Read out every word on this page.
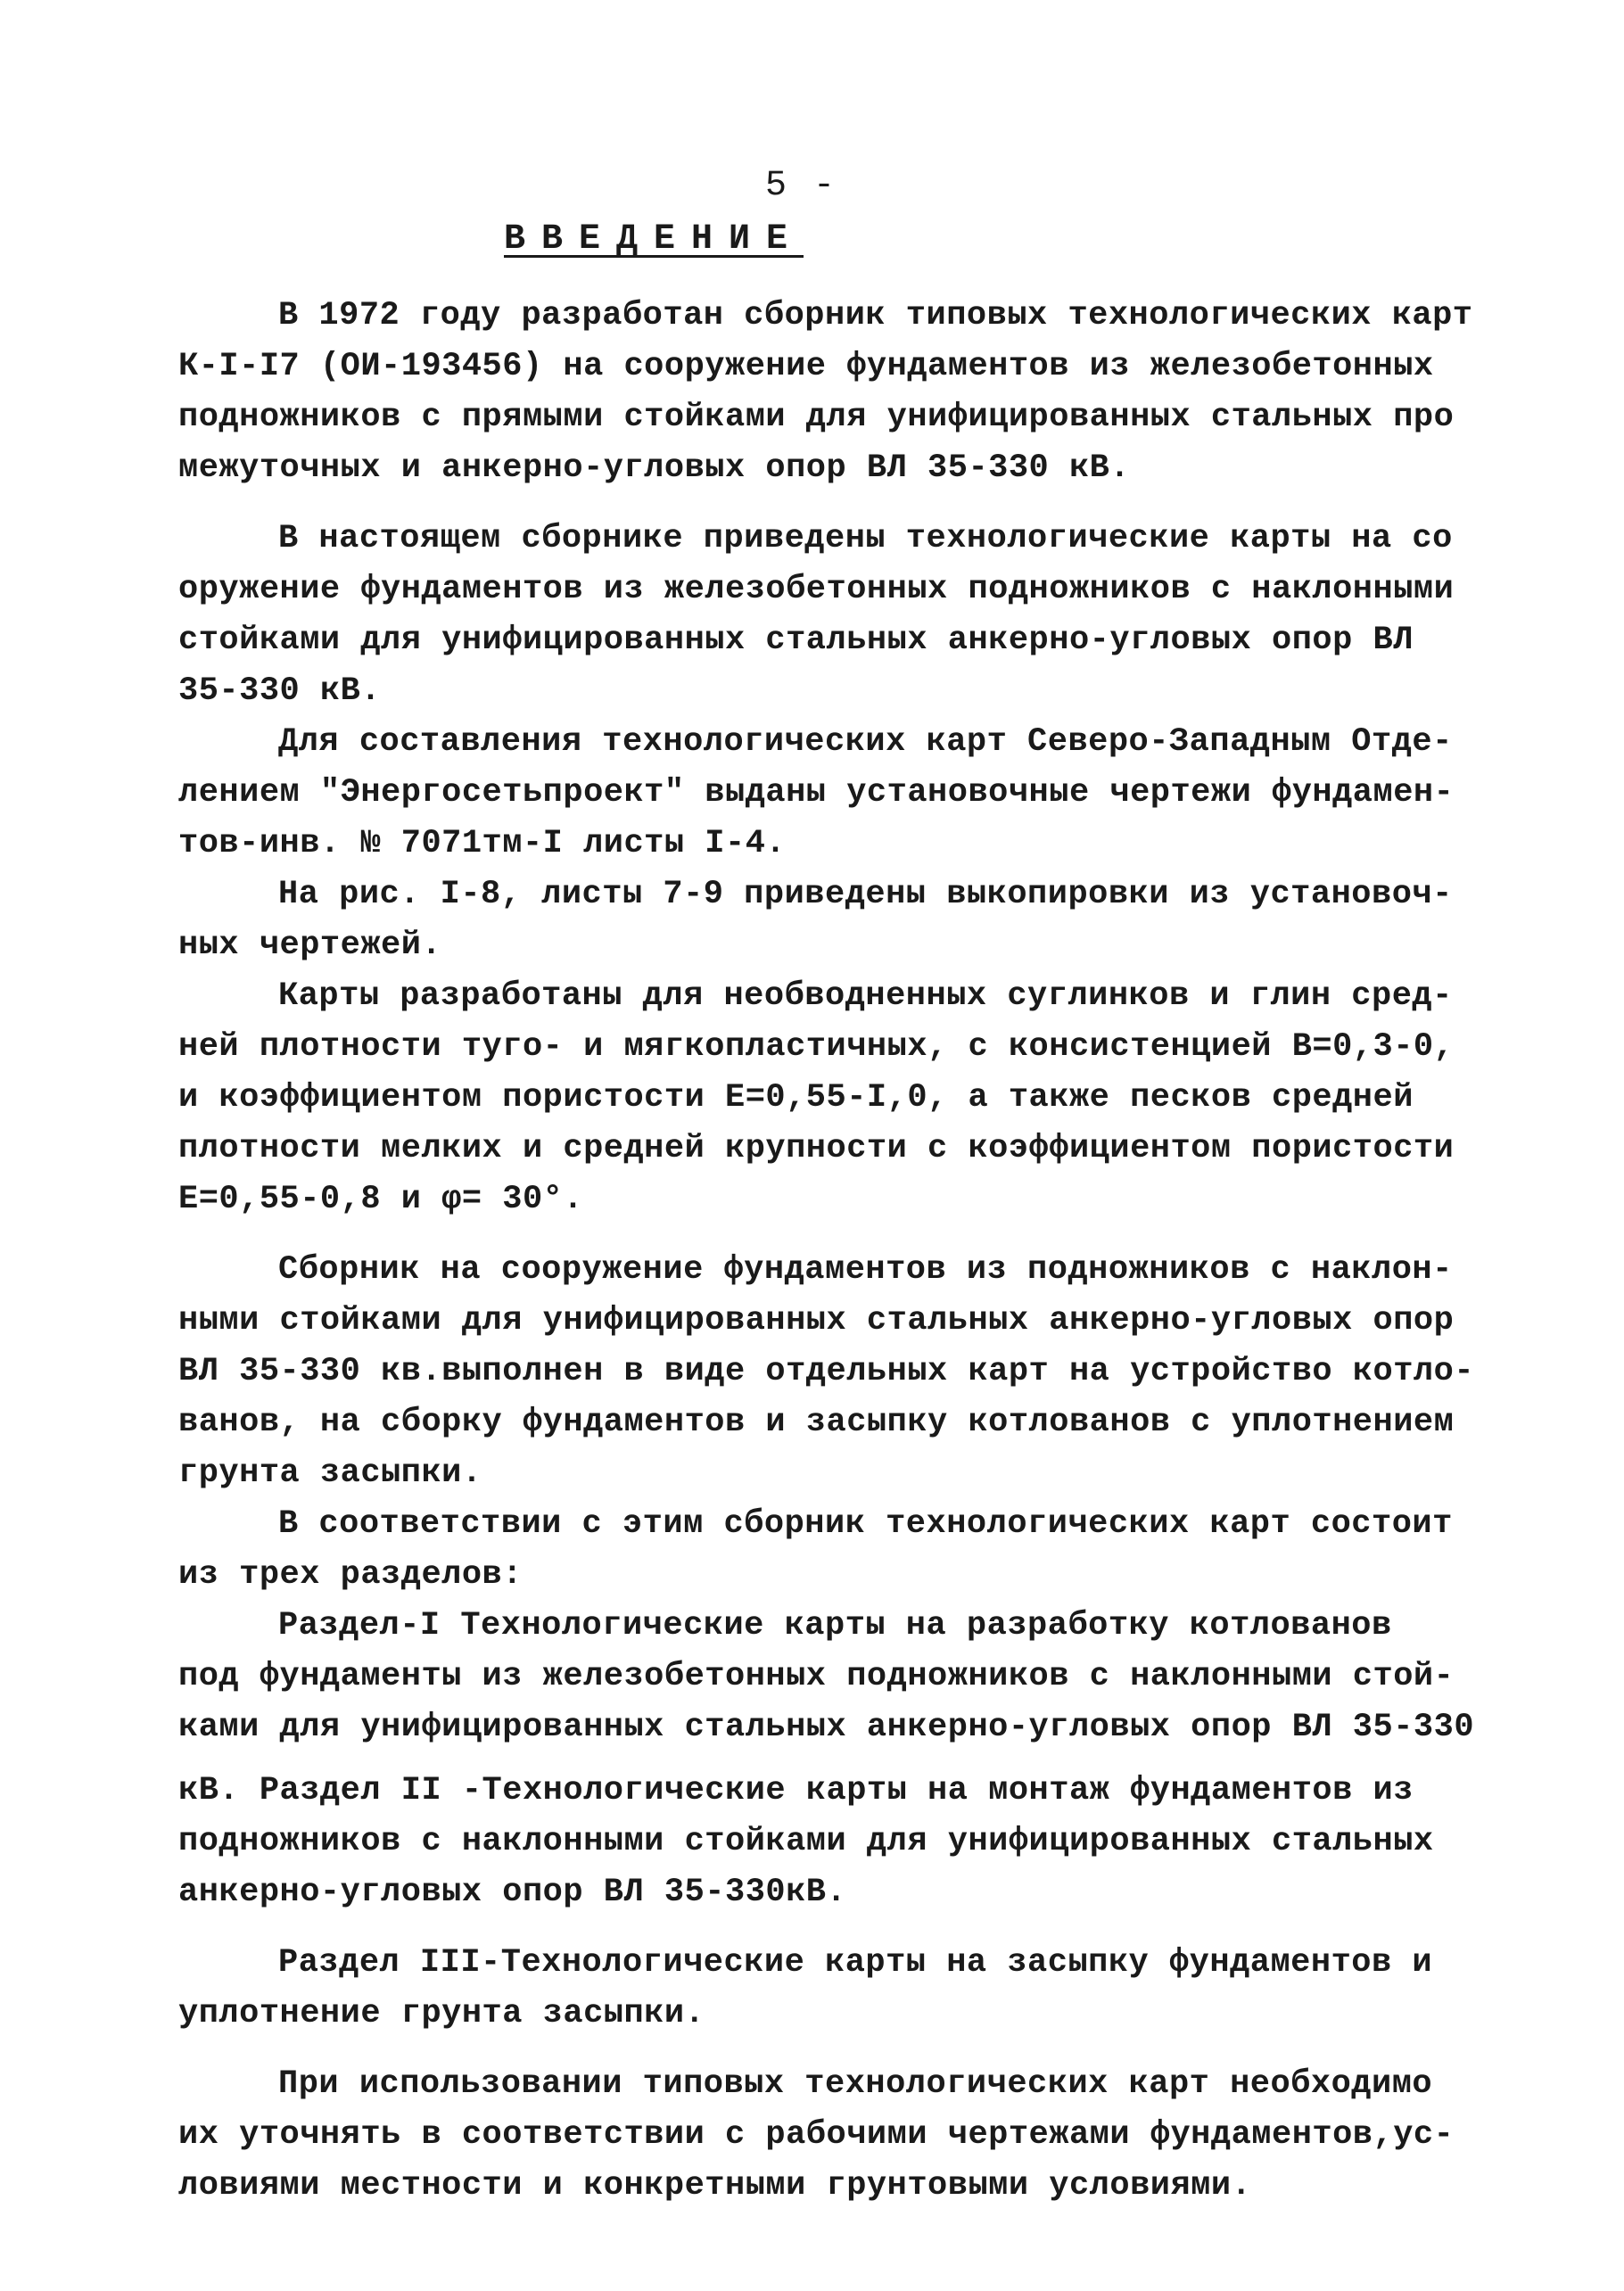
5 -
ВВЕДЕНИЕ
В 1972 году разработан сборник типовых технологических карт
К-I-I7 (ОИ-193456) на сооружение фундаментов из железобетонных
подножников с прямыми стойками для унифицированных стальных про
межуточных и анкерно-угловых опор ВЛ 35-330 кВ.
В настоящем сборнике приведены технологические карты на со
оружение фундаментов из железобетонных подножников с наклонными
стойками для унифицированных стальных анкерно-угловых опор ВЛ
35-330 кВ.
Для составления технологических карт Северо-Западным Отде-
лением "Энергосетьпроект" выданы установочные чертежи фундамен-
тов-инв. № 7071тм-I листы I-4.
На рис. I-8, листы 7-9 приведены выкопировки из установоч-
ных чертежей.
Карты разработаны для необводненных суглинков и глин сред-
ней плотности туго- и мягкопластичных, с консистенцией В=0,3-0,
и коэффициентом пористости Е=0,55-I,0, а также песков средней
плотности мелких и средней крупности с коэффициентом пористости
Е=0,55-0,8 и φ= 30°.
Сборник на сооружение фундаментов из подножников с наклон-
ными стойками для унифицированных стальных анкерно-угловых опор
ВЛ 35-330 кв.выполнен в виде отдельных карт на устройство котло-
ванов, на сборку фундаментов и засыпку котлованов с уплотнением
грунта засыпки.
В соответствии с этим сборник технологических карт состоит
из трех разделов:
Раздел-I Технологические карты на разработку котлованов
под фундаменты из железобетонных подножников с наклонными стой-
ками для унифицированных стальных анкерно-угловых опор ВЛ 35-330
кВ. Раздел II -Технологические карты на монтаж фундаментов из
подножников с наклонными стойками для унифицированных стальных
анкерно-угловых опор ВЛ 35-330кВ.
Раздел III-Технологические карты на засыпку фундаментов и
уплотнение грунта засыпки.
При использовании типовых технологических карт необходимо
их уточнять в соответствии с рабочими чертежами фундаментов,ус-
ловиями местности и конкретными грунтовыми условиями.
